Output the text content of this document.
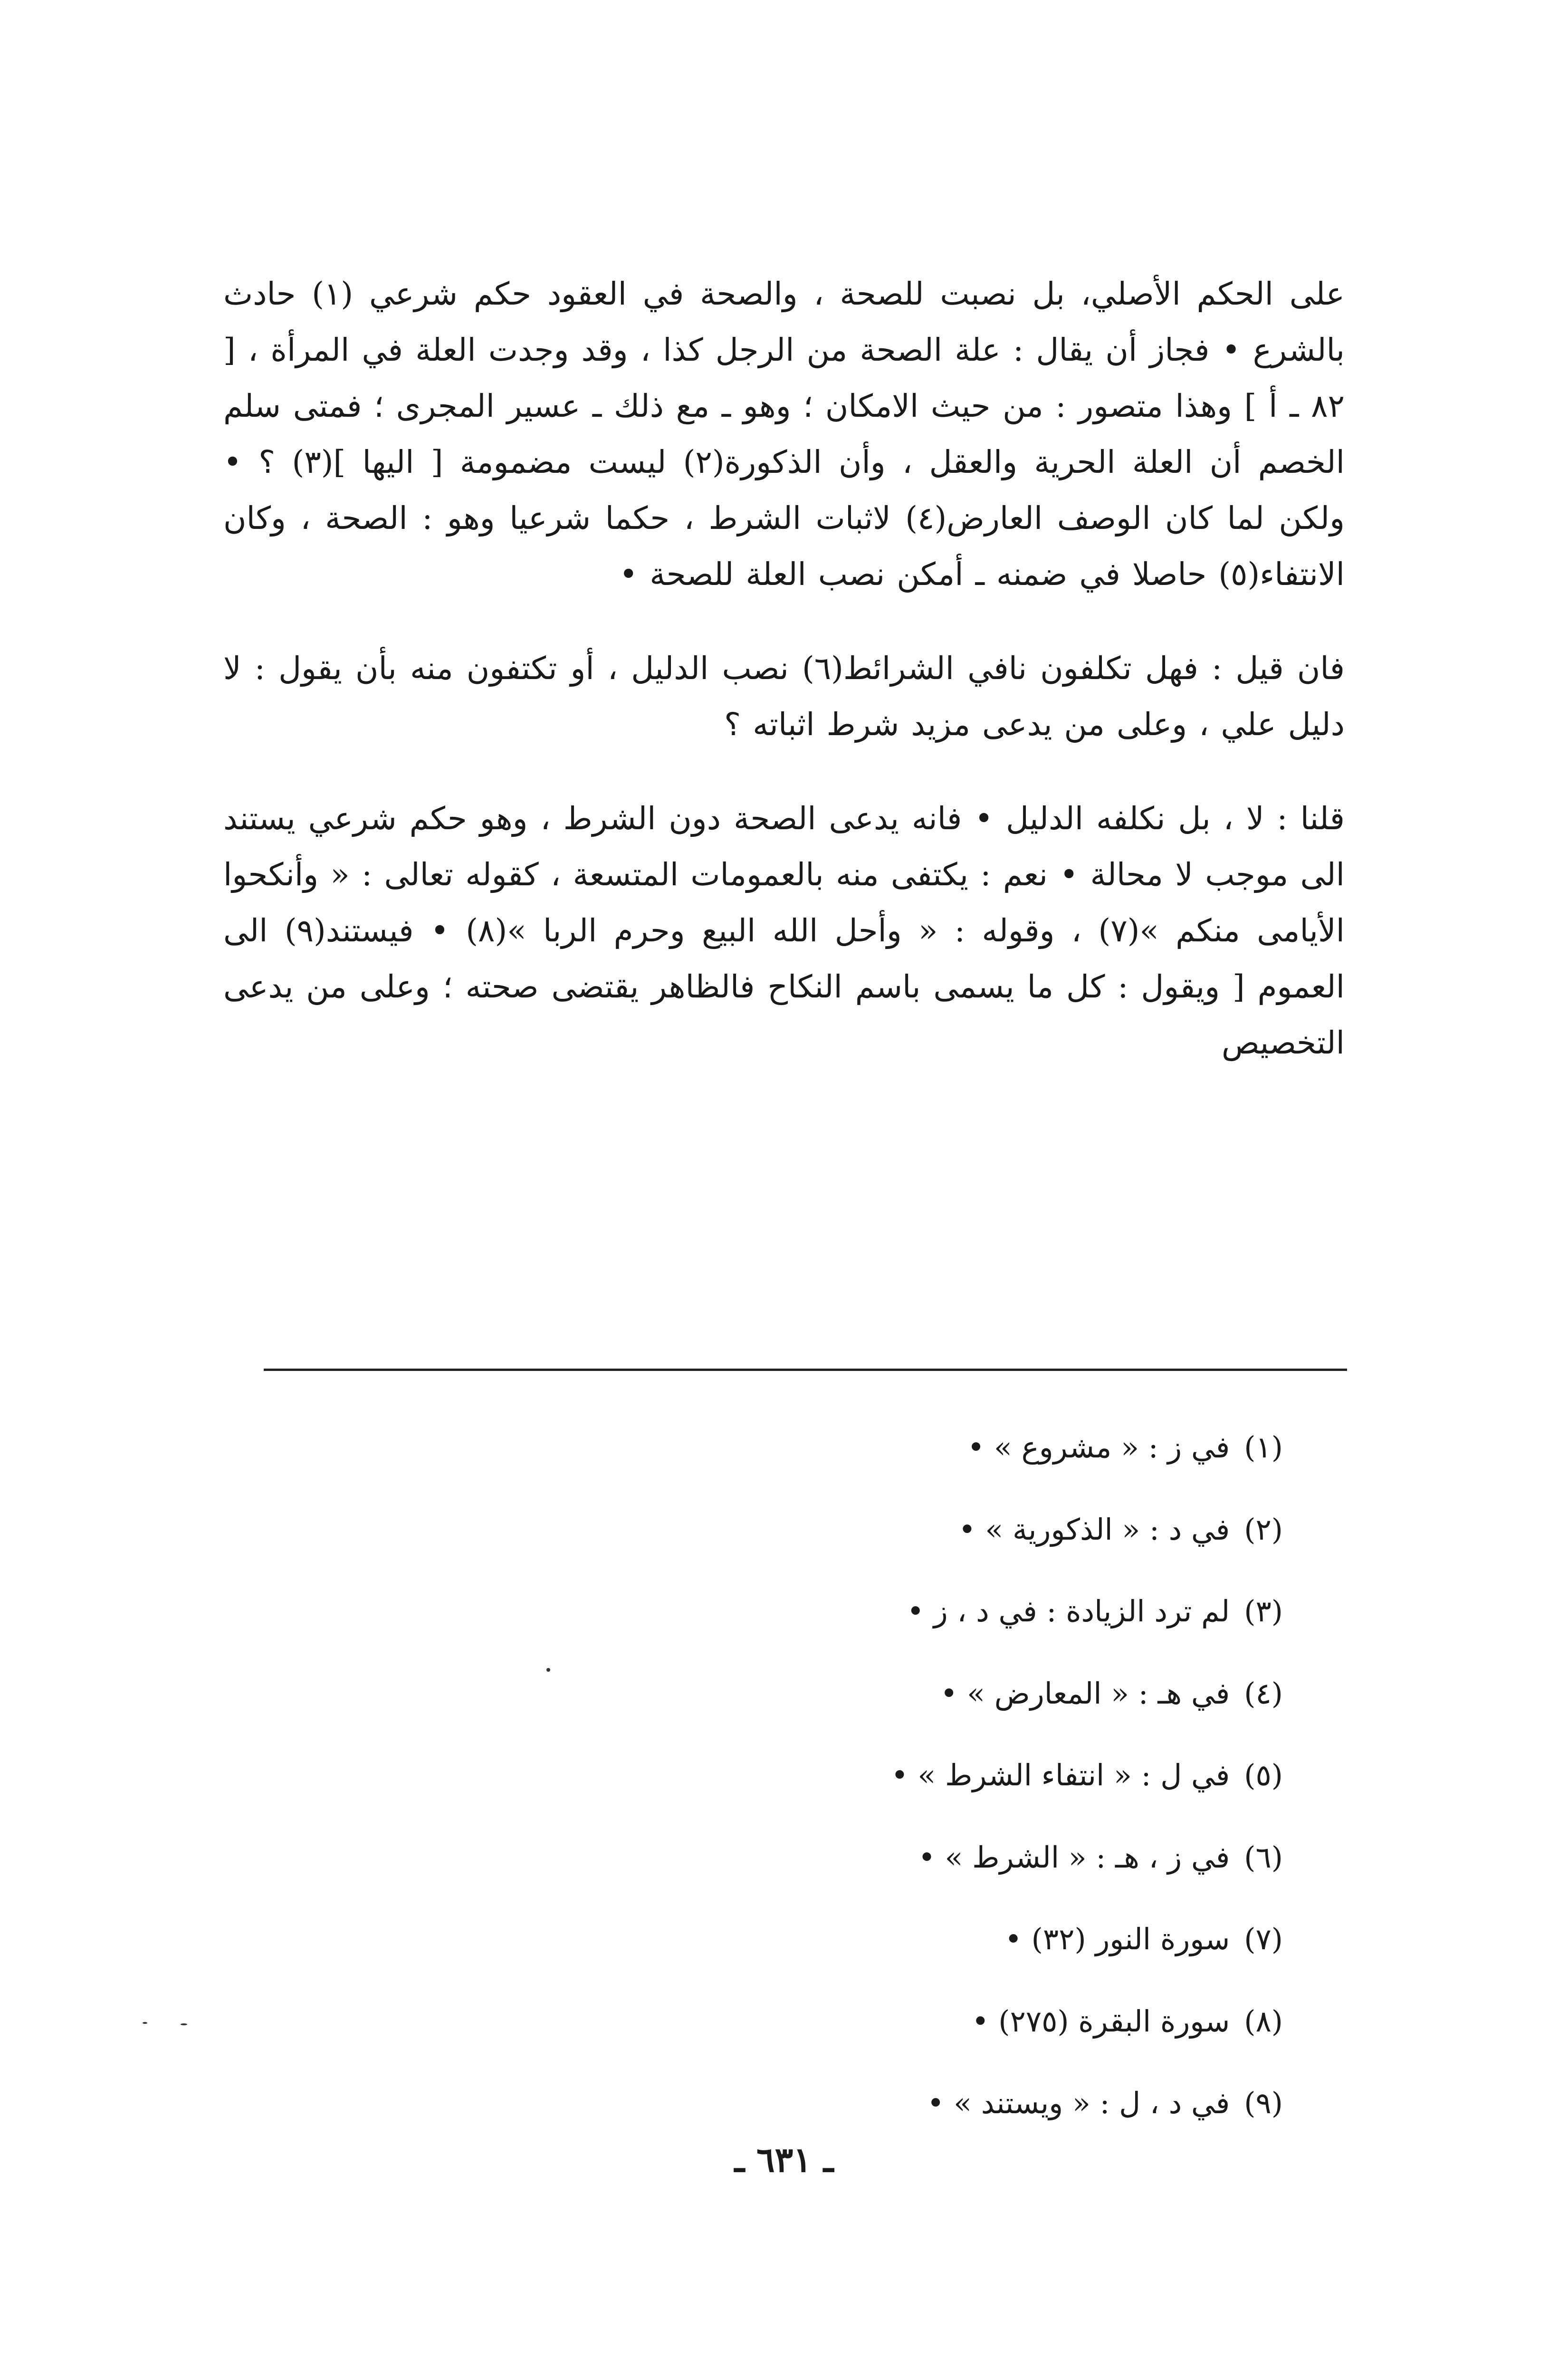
على الحكم الأصلي، بل نصبت للصحة ، والصحة في العقود حكم شرعي (١) حادث بالشرع • فجاز أن يقال : علة الصحة من الرجل كذا ، وقد وجدت العلة في المرأة ، [ ٨٢ ـ أ ] وهذا متصور : من حيث الامكان ؛ وهو ـ مع ذلك ـ عسير المجرى ؛ فمتى سلم الخصم أن العلة الحرية والعقل ، وأن الذكورة(٢) ليست مضمومة [ اليها ](٣) ؟ • ولكن لما كان الوصف العارض(٤) لاثبات الشرط ، حكما شرعيا وهو : الصحة ، وكان الانتفاء(٥) حاصلا في ضمنه ـ أمكن نصب العلة للصحة •

فان قيل : فهل تكلفون نافي الشرائط(٦) نصب الدليل ، أو تكتفون منه بأن يقول : لا دليل علي ، وعلى من يدعى مزيد شرط اثباته ؟

قلنا : لا ، بل نكلفه الدليل • فانه يدعى الصحة دون الشرط ، وهو حكم شرعي يستند الى موجب لا محالة • نعم : يكتفى منه بالعمومات المتسعة ، كقوله تعالى : « وأنكحوا الأيامى منكم »(٧) ، وقوله : « وأحل الله البيع وحرم الربا »(٨) • فيستند(٩) الى العموم [ ويقول : كل ما يسمى باسم النكاح فالظاهر يقتضى صحته ؛ وعلى من يدعى التخصيص

(١)في ز : « مشروع » •
(٢)في د : « الذكورية » •
(٣)لم ترد الزيادة : في د ، ز •
(٤)في هـ : « المعارض » •
(٥)في ل : « انتفاء الشرط » •
(٦)في ز ، هـ : « الشرط » •
(٧)سورة النور (٣٢) •
(٨)سورة البقرة (٢٧٥) •
(٩)في د ، ل : « ويستند » •
ـ ٦٣١ ـ
